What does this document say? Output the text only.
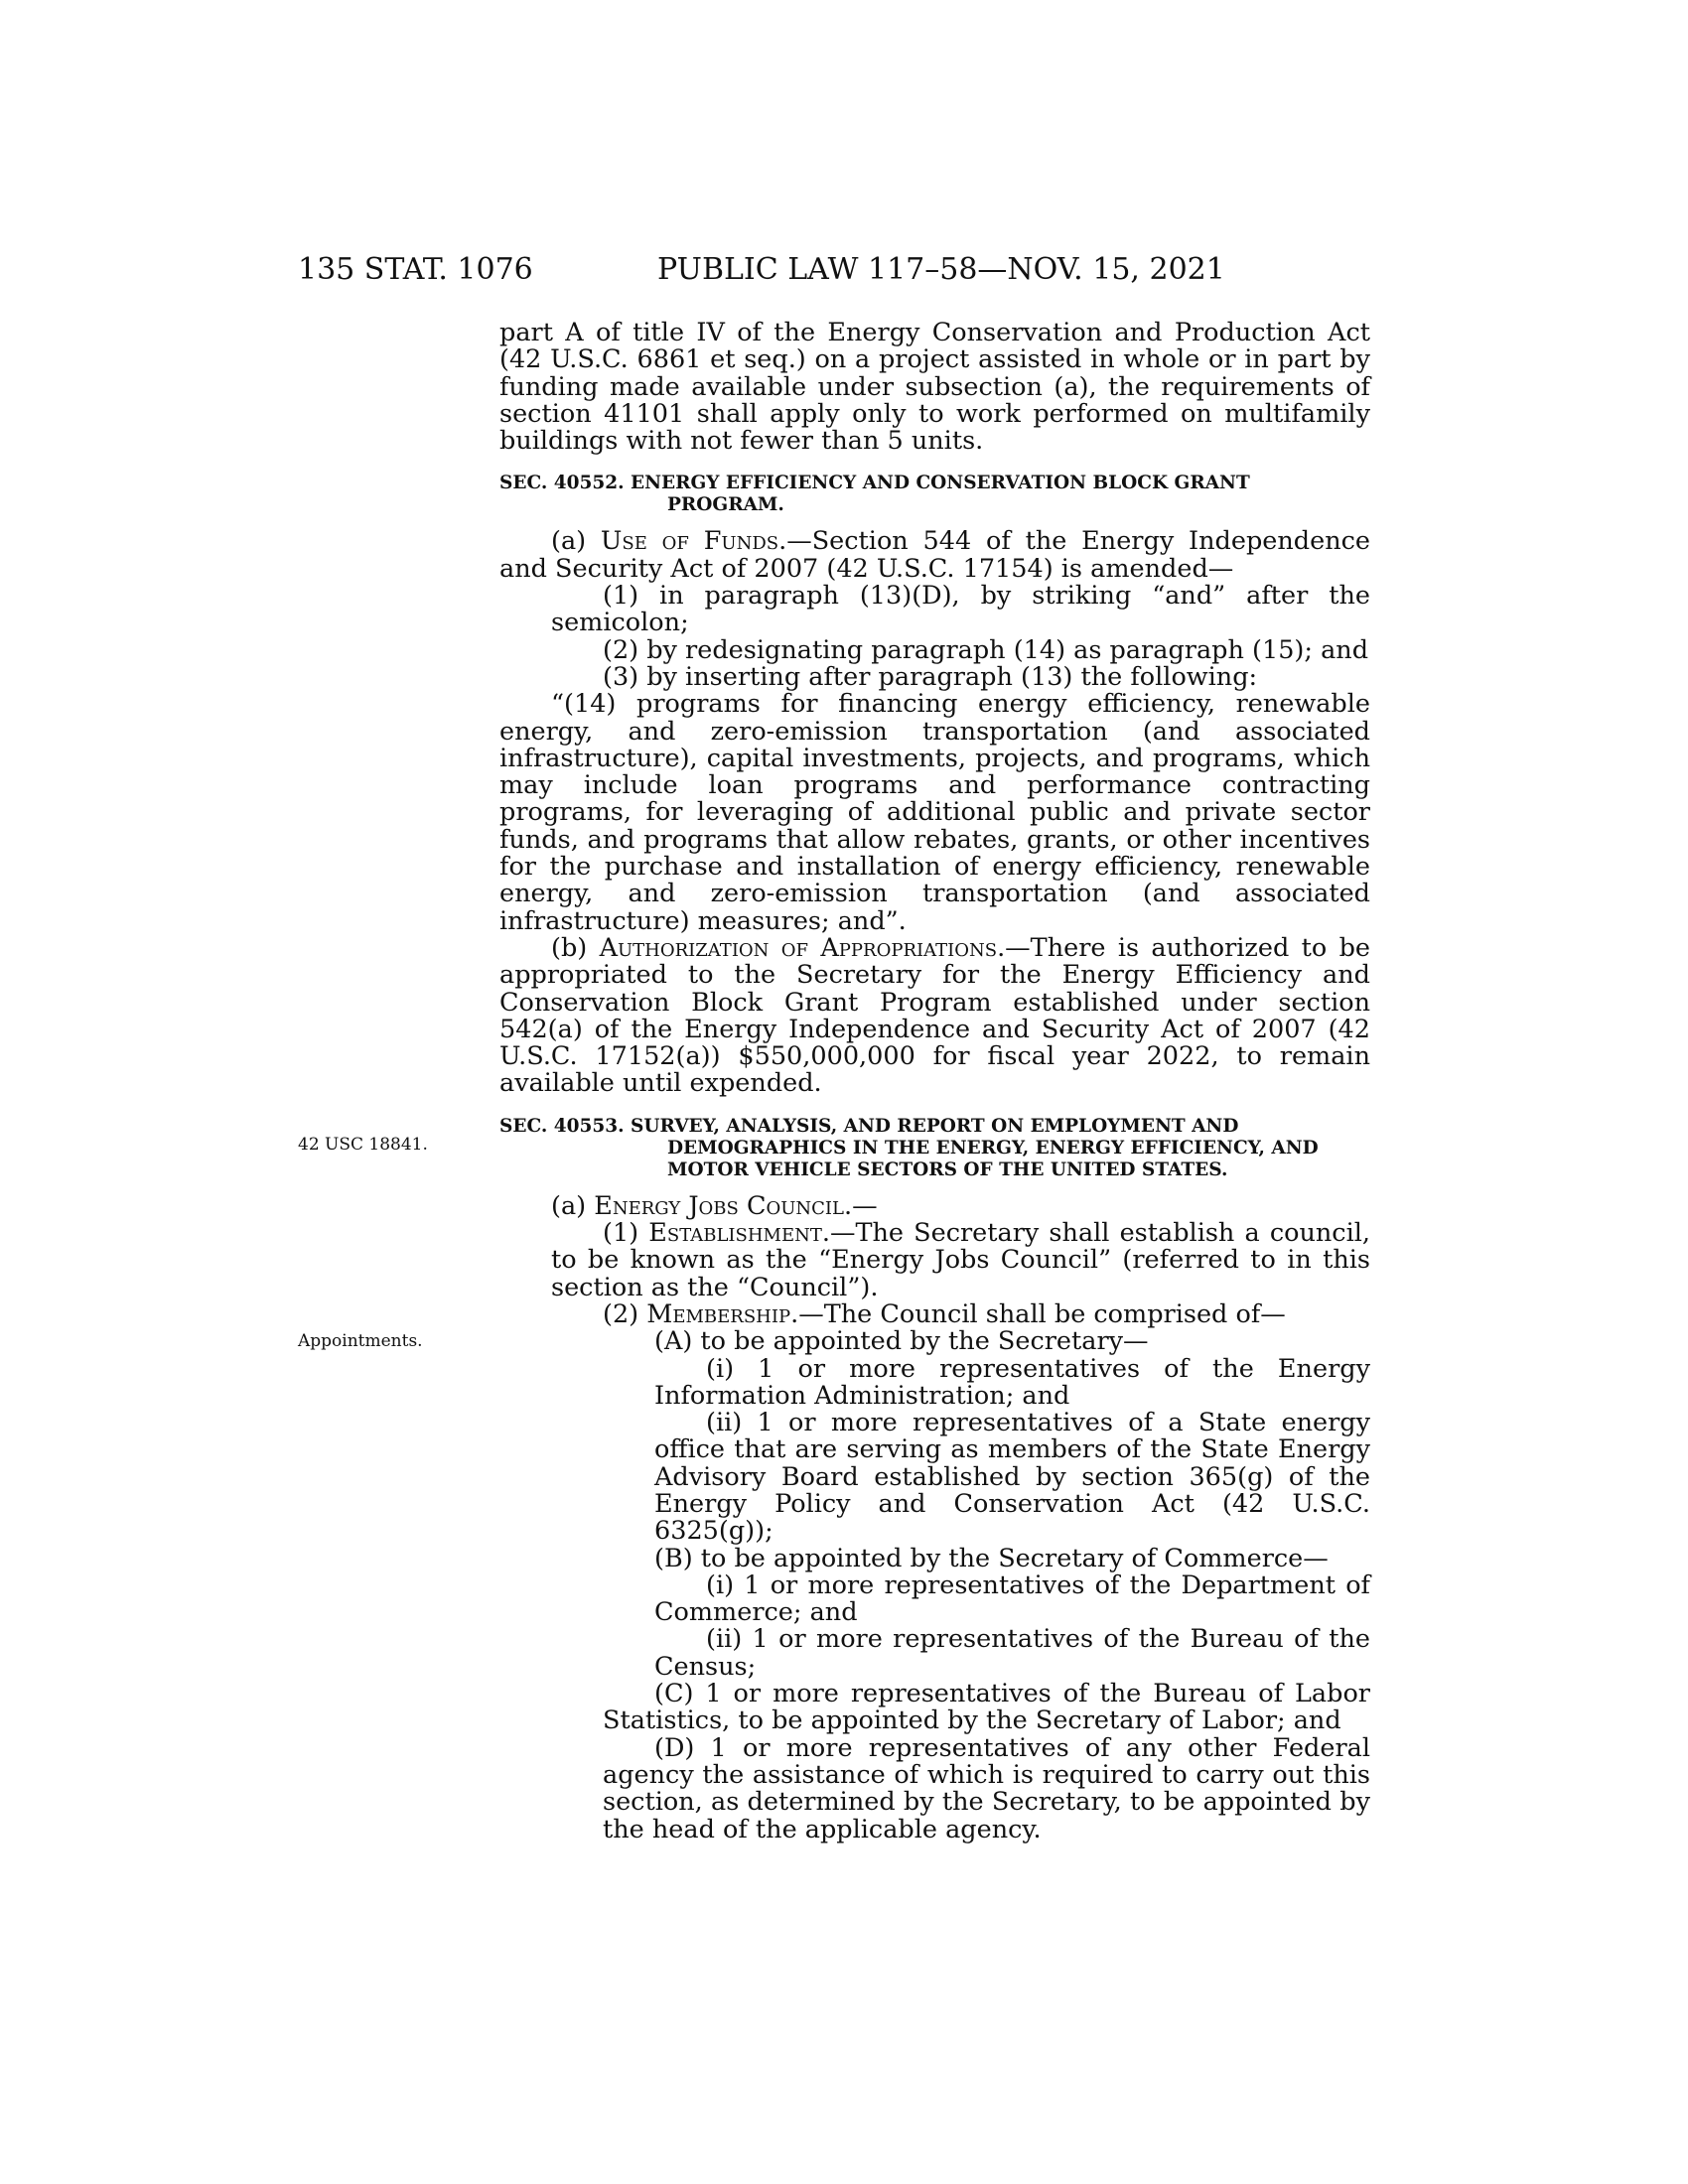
135 STAT. 1076	PUBLIC LAW 117–58—NOV. 15, 2021
42 USC 18841.
Appointments.

part A of title IV of the Energy Conservation and Production Act (42 U.S.C. 6861 et seq.) on a project assisted in whole or in part by funding made available under subsection (a), the requirements of section 41101 shall apply only to work performed on multifamily buildings with not fewer than 5 units.

SEC. 40552. ENERGY EFFICIENCY AND CONSERVATION BLOCK GRANT PROGRAM.

(a) Use of Funds.—Section 544 of the Energy Independence and Security Act of 2007 (42 U.S.C. 17154) is amended—

(1) in paragraph (13)(D), by striking “and” after the semicolon;

(2) by redesignating paragraph (14) as paragraph (15); and

(3) by inserting after paragraph (13) the following:

“(14) programs for financing energy efficiency, renewable energy, and zero-emission transportation (and associated infrastructure), capital investments, projects, and programs, which may include loan programs and performance contracting programs, for leveraging of additional public and private sector funds, and programs that allow rebates, grants, or other incentives for the purchase and installation of energy efficiency, renewable energy, and zero-emission transportation (and associated infrastructure) measures; and”.

(b) Authorization of Appropriations.—There is authorized to be appropriated to the Secretary for the Energy Efficiency and Conservation Block Grant Program established under section 542(a) of the Energy Independence and Security Act of 2007 (42 U.S.C. 17152(a)) $550,000,000 for fiscal year 2022, to remain available until expended.

SEC. 40553. SURVEY, ANALYSIS, AND REPORT ON EMPLOYMENT AND DEMOGRAPHICS IN THE ENERGY, ENERGY EFFICIENCY, AND MOTOR VEHICLE SECTORS OF THE UNITED STATES.

(a) Energy Jobs Council.—

(1) Establishment.—The Secretary shall establish a council, to be known as the “Energy Jobs Council” (referred to in this section as the “Council”).

(2) Membership.—The Council shall be comprised of—

(A) to be appointed by the Secretary—

(i) 1 or more representatives of the Energy Information Administration; and

(ii) 1 or more representatives of a State energy office that are serving as members of the State Energy Advisory Board established by section 365(g) of the Energy Policy and Conservation Act (42 U.S.C. 6325(g));

(B) to be appointed by the Secretary of Commerce—

(i) 1 or more representatives of the Department of Commerce; and

(ii) 1 or more representatives of the Bureau of the Census;

(C) 1 or more representatives of the Bureau of Labor Statistics, to be appointed by the Secretary of Labor; and

(D) 1 or more representatives of any other Federal agency the assistance of which is required to carry out this section, as determined by the Secretary, to be appointed by the head of the applicable agency.
